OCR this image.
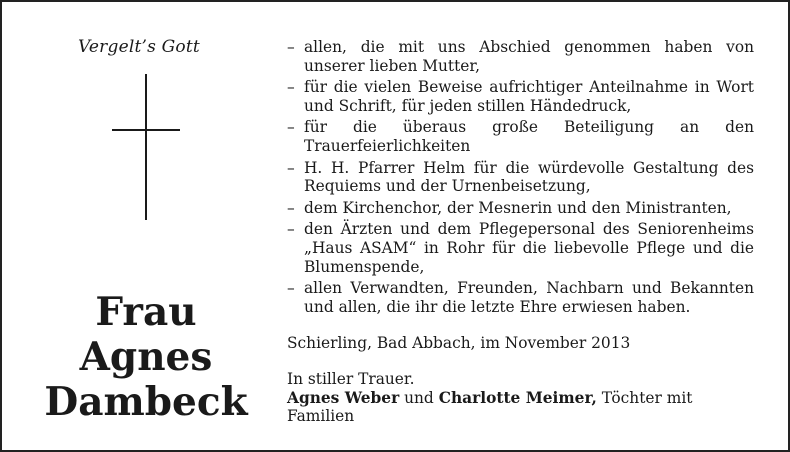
Vergelt’s Gott
Frau
Agnes
Dambeck
– allen, die mit uns Abschied genommen haben von unserer lieben Mutter,
– für die vielen Beweise aufrichtiger Anteilnahme in Wort und Schrift, für jeden stillen Händedruck,
– für die überaus große Beteiligung an den Trauerfeierlichkeiten
– H. H. Pfarrer Helm für die würdevolle Gestaltung des Requiems und der Urnenbeisetzung,
– dem Kirchenchor, der Mesnerin und den Ministranten,
– den Ärzten und dem Pflegepersonal des Seniorenheims „Haus ASAM“ in Rohr für die liebevolle Pflege und die Blumenspende,
– allen Verwandten, Freunden, Nachbarn und Bekannten und allen, die ihr die letzte Ehre erwiesen haben.
Schierling, Bad Abbach, im November 2013
In stiller Trauer.
Agnes Weber und Charlotte Meimer, Töchter mit Familien
